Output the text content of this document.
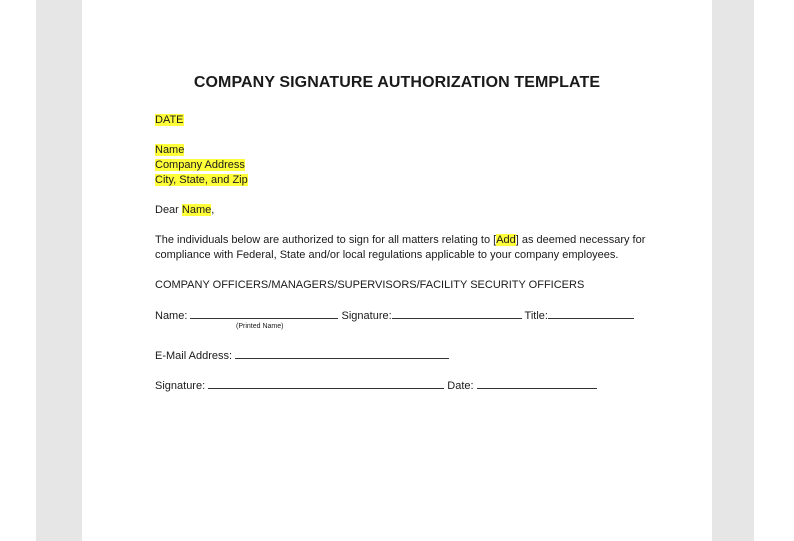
COMPANY SIGNATURE AUTHORIZATION TEMPLATE
DATE
Name
Company Address
City, State, and Zip
Dear Name,
The individuals below are authorized to sign for all matters relating to [Add] as deemed necessary for
compliance with Federal, State and/or local regulations applicable to your company employees.
COMPANY OFFICERS/MANAGERS/SUPERVISORS/FACILITY SECURITY OFFICERS
Name:	Signature:	Title:
(Printed Name)
E-Mail Address:
Signature:	Date:
